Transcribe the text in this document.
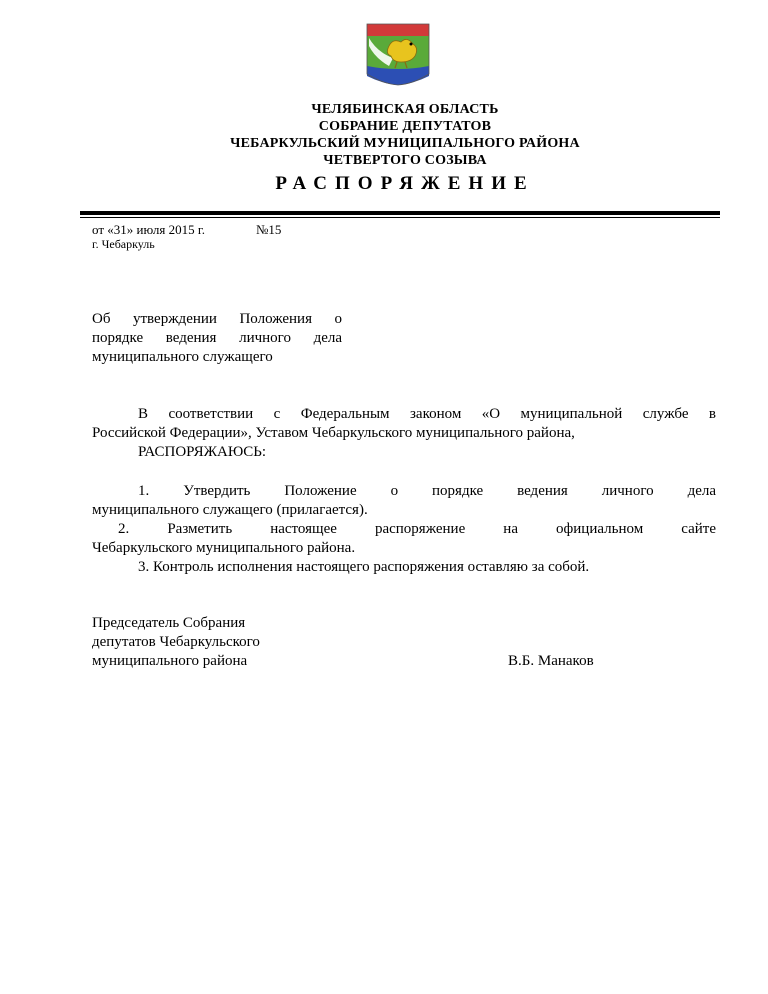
ЧЕЛЯБИНСКАЯ ОБЛАСТЬ
СОБРАНИЕ ДЕПУТАТОВ
ЧЕБАРКУЛЬСКИЙ МУНИЦИПАЛЬНОГО РАЙОНА
ЧЕТВЕРТОГО СОЗЫВА
РАСПОРЯЖЕНИЕ
от «31» июля 2015 г.	№15
г. Чебаркуль
Об утверждении Положения о
порядке ведения личного дела
муниципального служащего
В соответствии с Федеральным законом «О муниципальной службе в
Российской Федерации», Уставом Чебаркульского муниципального района,
РАСПОРЯЖАЮСЬ:
1. Утвердить Положение о порядке ведения личного дела
муниципального служащего (прилагается).
2. Разметить настоящее распоряжение на официальном сайте
Чебаркульского муниципального района.
3. Контроль исполнения настоящего распоряжения оставляю за собой.
Председатель Собрания
депутатов Чебаркульского
муниципального района	В.Б. Манаков
